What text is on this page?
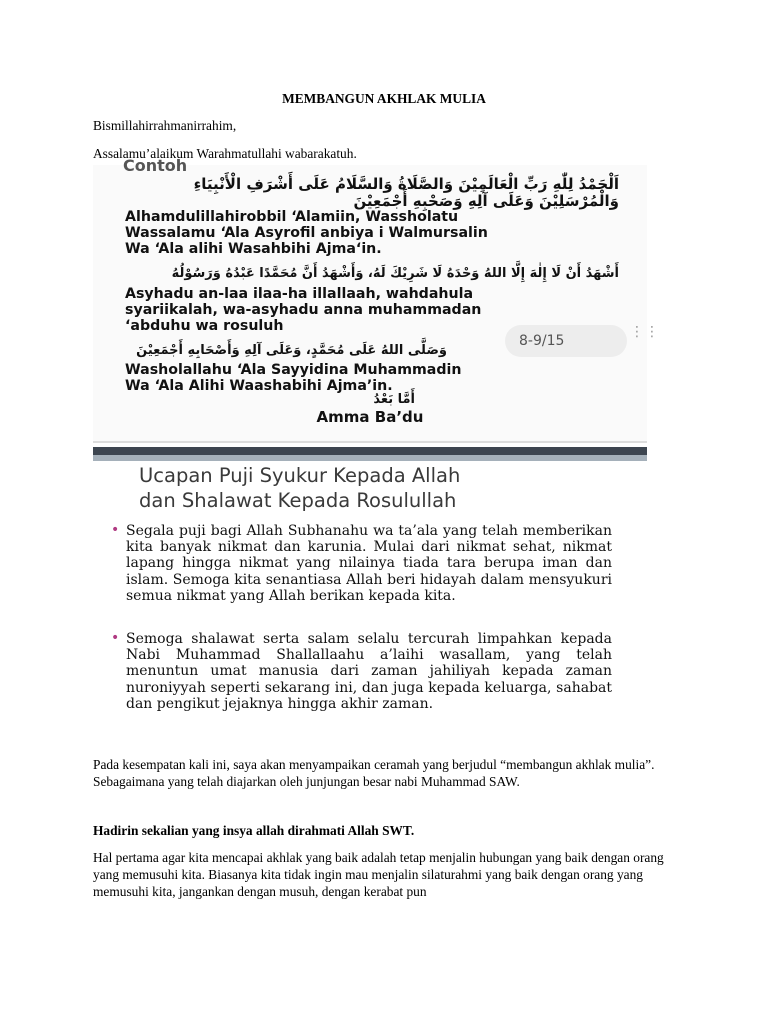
MEMBANGUN AKHLAK MULIA
Bismillahirrahmanirrahim,
Assalamu’alaikum Warahmatullahi wabarakatuh.
Contoh
اَلْحَمْدُ لِلّٰهِ رَبِّ الْعَالَمِيْنَ وَالصَّلَاةُ وَالسَّلَامُ عَلَى أَشْرَفِ الْأَنْبِيَاءِ
وَالْمُرْسَلِيْنَ وَعَلَى آلِهِ وَصَحْبِهِ أَجْمَعِيْنَ
Alhamdulillahirobbil ‘Alamiin, Wassholatu
Wassalamu ‘Ala Asyrofil anbiya i Walmursalin
Wa ‘Ala alihi Wasahbihi Ajma‘in.
أَشْهَدُ أَنْ لَا إِلٰهَ إِلَّا اللهُ وَحْدَهُ لَا شَرِيْكَ لَهُ، وَأَشْهَدُ أَنَّ مُحَمَّدًا عَبْدُهُ وَرَسُوْلُهُ
Asyhadu an-laa ilaa-ha illallaah, wahdahula
syariikalah, wa-asyhadu anna muhammadan
‘abduhu wa rosuluh
وَصَلَّى اللهُ عَلَى مُحَمَّدٍ، وَعَلَى آلِهِ وَأَصْحَابِهِ أَجْمَعِيْنَ
Washolallahu ‘Ala Sayyidina Muhammadin
Wa ‘Ala Alihi Waashabihi Ajma’in.
أَمَّا بَعْدُ
Amma Ba’du
8-9/15
⋮⋮
Ucapan Puji Syukur Kepada Allah
dan Shalawat Kepada Rosulullah
• Segala puji bagi Allah Subhanahu wa ta’ala yang telah memberikan kita banyak nikmat dan karunia. Mulai dari nikmat sehat, nikmat lapang hingga nikmat yang nilainya tiada tara berupa iman dan islam. Semoga kita senantiasa Allah beri hidayah dalam mensyukuri semua nikmat yang Allah berikan kepada kita.
• Semoga shalawat serta salam selalu tercurah limpahkan kepada Nabi Muhammad Shallallaahu a’laihi wasallam, yang telah menuntun umat manusia dari zaman jahiliyah kepada zaman nuroniyyah seperti sekarang ini, dan juga kepada keluarga, sahabat dan pengikut jejaknya hingga akhir zaman.
Pada kesempatan kali ini, saya akan menyampaikan ceramah yang berjudul “membangun akhlak mulia”. Sebagaimana yang telah diajarkan oleh junjungan besar nabi Muhammad SAW.
Hadirin sekalian yang insya allah dirahmati Allah SWT.
Hal pertama agar kita mencapai akhlak yang baik adalah tetap menjalin hubungan yang baik dengan orang yang memusuhi kita. Biasanya kita tidak ingin mau menjalin silaturahmi yang baik dengan orang yang memusuhi kita, jangankan dengan musuh, dengan kerabat pun
